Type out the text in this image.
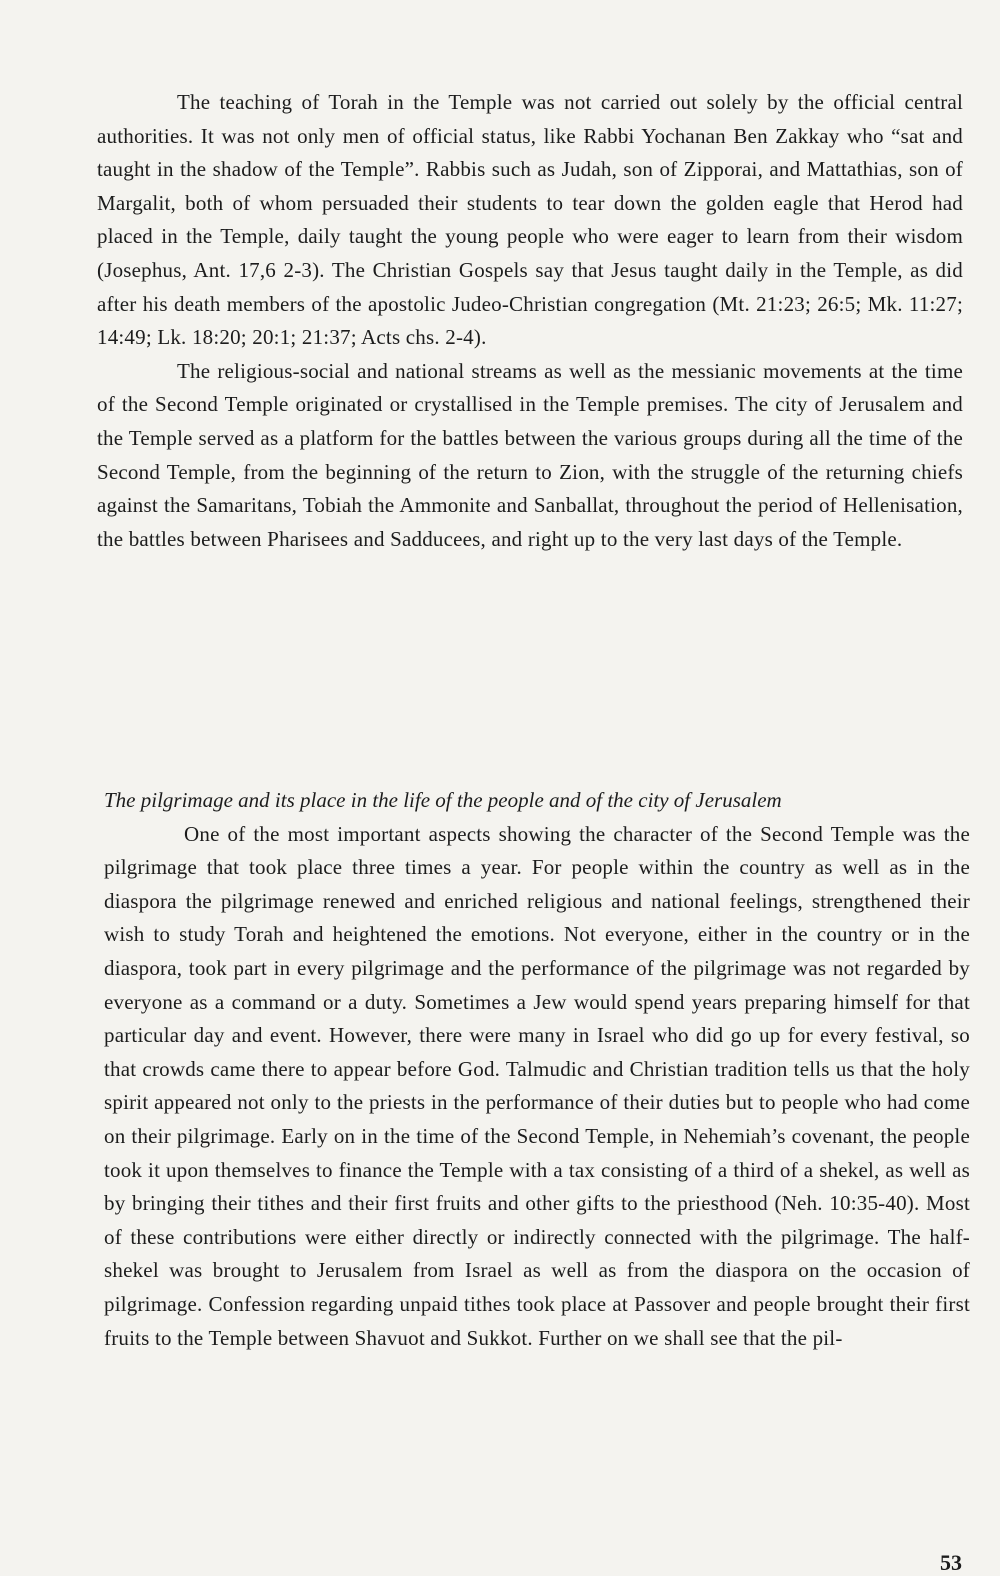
The teaching of Torah in the Temple was not carried out solely by the official central authorities. It was not only men of official status, like Rabbi Yochanan Ben Zakkay who “sat and taught in the shadow of the Temple”. Rabbis such as Judah, son of Zipporai, and Mattathias, son of Margalit, both of whom persuaded their students to tear down the golden eagle that Herod had placed in the Temple, daily taught the young people who were eager to learn from their wisdom (Josephus, Ant. 17,6 2-3). The Christian Gospels say that Jesus taught daily in the Temple, as did after his death members of the apostolic Judeo-Christian congregation (Mt. 21:23; 26:5; Mk. 11:27; 14:49; Lk. 18:20; 20:1; 21:37; Acts chs. 2-4).

The religious-social and national streams as well as the messianic movements at the time of the Second Temple originated or crystallised in the Temple premises. The city of Jerusalem and the Temple served as a platform for the battles between the various groups during all the time of the Second Temple, from the beginning of the return to Zion, with the struggle of the returning chiefs against the Samaritans, Tobiah the Ammonite and Sanballat, throughout the period of Hellenisation, the battles between Pharisees and Sadducees, and right up to the very last days of the Temple.

The pilgrimage and its place in the life of the people and of the city of Jerusalem

One of the most important aspects showing the character of the Second Temple was the pilgrimage that took place three times a year. For people within the country as well as in the diaspora the pilgrimage renewed and enriched religious and national feelings, strengthened their wish to study Torah and heightened the emotions. Not everyone, either in the country or in the diaspora, took part in every pilgrimage and the performance of the pilgrimage was not regarded by everyone as a command or a duty. Sometimes a Jew would spend years preparing himself for that particular day and event. However, there were many in Israel who did go up for every festival, so that crowds came there to appear before God. Talmudic and Christian tradition tells us that the holy spirit appeared not only to the priests in the performance of their duties but to people who had come on their pilgrimage. Early on in the time of the Second Temple, in Nehemiah’s covenant, the people took it upon themselves to finance the Temple with a tax consisting of a third of a shekel, as well as by bringing their tithes and their first fruits and other gifts to the priesthood (Neh. 10:35-40). Most of these contributions were either directly or indirectly connected with the pilgrimage. The half-shekel was brought to Jerusalem from Israel as well as from the diaspora on the occasion of pilgrimage. Confession regarding unpaid tithes took place at Passover and people brought their first fruits to the Temple between Shavuot and Sukkot. Further on we shall see that the pil-

53
